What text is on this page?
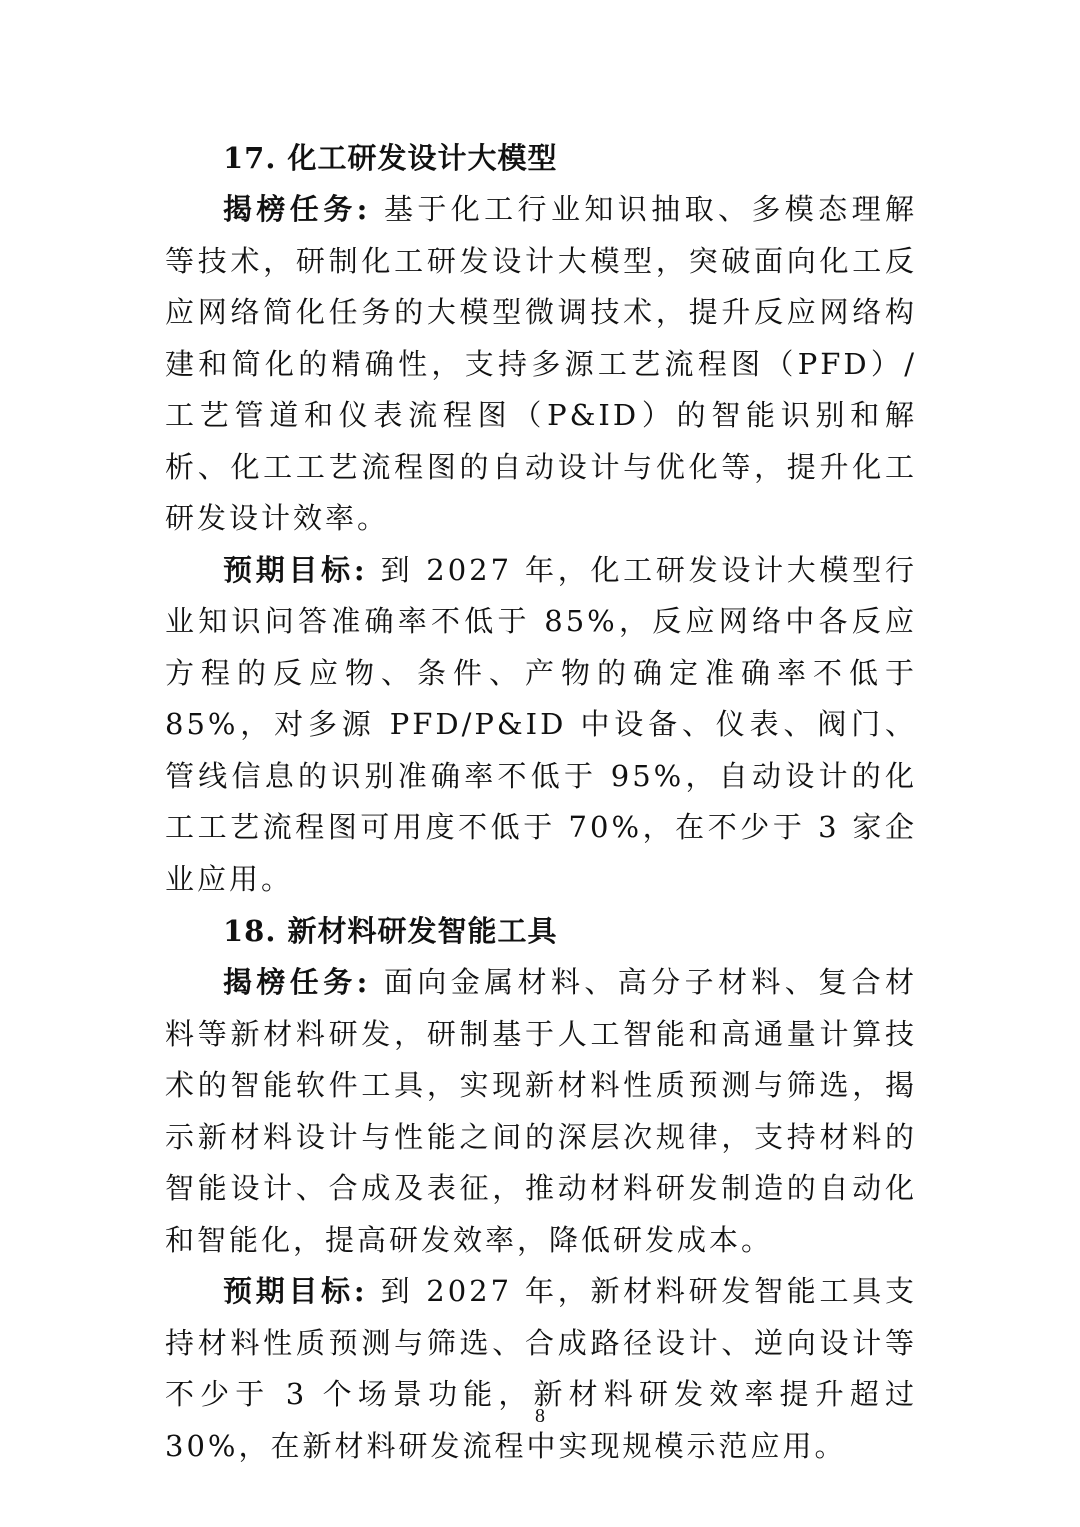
17. 化工研发设计大模型

揭榜任务: 基于化工行业知识抽取、多模态理解等技术，研制化工研发设计大模型，突破面向化工反应网络简化任务的大模型微调技术，提升反应网络构建和简化的精确性，支持多源工艺流程图（PFD）/工艺管道和仪表流程图（P&ID）的智能识别和解析、化工工艺流程图的自动设计与优化等，提升化工研发设计效率。

预期目标: 到 2027 年，化工研发设计大模型行业知识问答准确率不低于 85%，反应网络中各反应方程的反应物、条件、产物的确定准确率不低于 85%，对多源 PFD/P&ID 中设备、仪表、阀门、管线信息的识别准确率不低于 95%，自动设计的化工工艺流程图可用度不低于 70%，在不少于 3 家企业应用。

18. 新材料研发智能工具

揭榜任务: 面向金属材料、高分子材料、复合材料等新材料研发，研制基于人工智能和高通量计算技术的智能软件工具，实现新材料性质预测与筛选，揭示新材料设计与性能之间的深层次规律，支持材料的智能设计、合成及表征，推动材料研发制造的自动化和智能化，提高研发效率，降低研发成本。

预期目标: 到 2027 年，新材料研发智能工具支持材料性质预测与筛选、合成路径设计、逆向设计等不少于 3 个场景功能，新材料研发效率提升超过 30%，在新材料研发流程中实现规模示范应用。

8
